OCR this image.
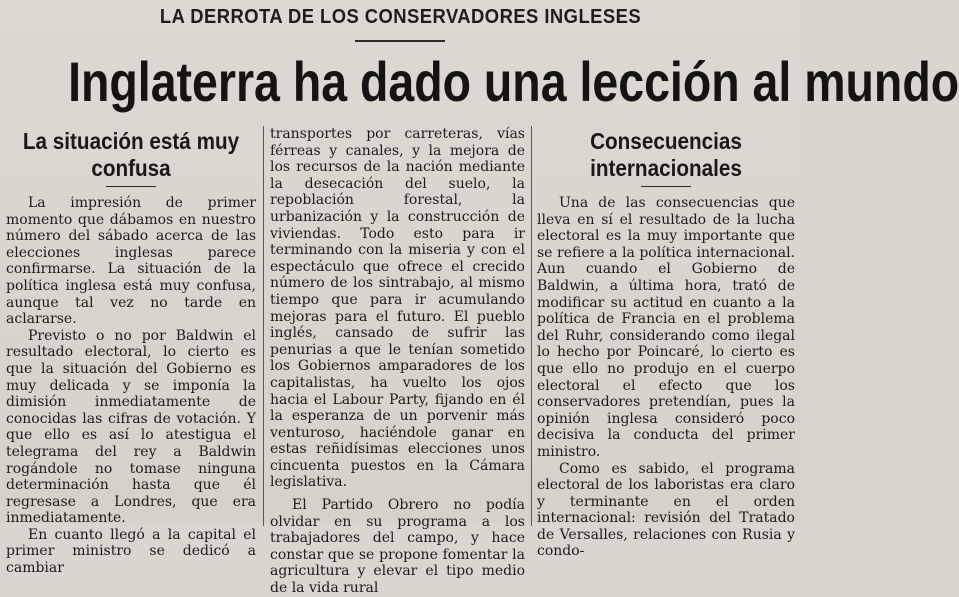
LA DERROTA DE LOS CONSERVADORES INGLESES
Inglaterra ha dado una lección al mundo
La situación está muy confusa

La impresión de primer momento que dábamos en nuestro número del sábado acerca de las elecciones inglesas parece confirmarse. La situación de la política inglesa está muy confusa, aunque tal vez no tarde en aclararse.

Previsto o no por Baldwin el resultado electoral, lo cierto es que la situación del Gobierno es muy delicada y se imponía la dimisión inmediatamente de conocidas las cifras de votación. Y que ello es así lo atestigua el telegrama del rey a Baldwin rogándole no tomase ninguna determinación hasta que él regresase a Londres, que era inmediatamente.

En cuanto llegó a la capital el primer ministro se dedicó a cambiar

transportes por carreteras, vías férreas y canales, y la mejora de los recursos de la nación mediante la desecación del suelo, la repoblación forestal, la urbanización y la construcción de viviendas. Todo esto para ir terminando con la miseria y con el espectáculo que ofrece el crecido número de los sintrabajo, al mismo tiempo que para ir acumulando mejoras para el futuro. El pueblo inglés, cansado de sufrir las penurias a que le tenían sometido los Gobiernos amparadores de los capitalistas, ha vuelto los ojos hacia el Labour Party, fijando en él la esperanza de un porvenir más venturoso, haciéndole ganar en estas reñidísimas elecciones unos cincuenta puestos en la Cámara legislativa.

El Partido Obrero no podía olvidar en su programa a los trabajadores del campo, y hace constar que se propone fomentar la agricultura y elevar el tipo medio de la vida rural

Consecuencias internacionales

Una de las consecuencias que lleva en sí el resultado de la lucha electoral es la muy importante que se refiere a la política internacional. Aun cuando el Gobierno de Baldwin, a última hora, trató de modificar su actitud en cuanto a la política de Francia en el problema del Ruhr, considerando como ilegal lo hecho por Poincaré, lo cierto es que ello no produjo en el cuerpo electoral el efecto que los conservadores pretendían, pues la opinión inglesa consideró poco decisiva la conducta del primer ministro.

Como es sabido, el programa electoral de los laboristas era claro y terminante en el orden internacional: revisión del Tratado de Versalles, relaciones con Rusia y condo-
